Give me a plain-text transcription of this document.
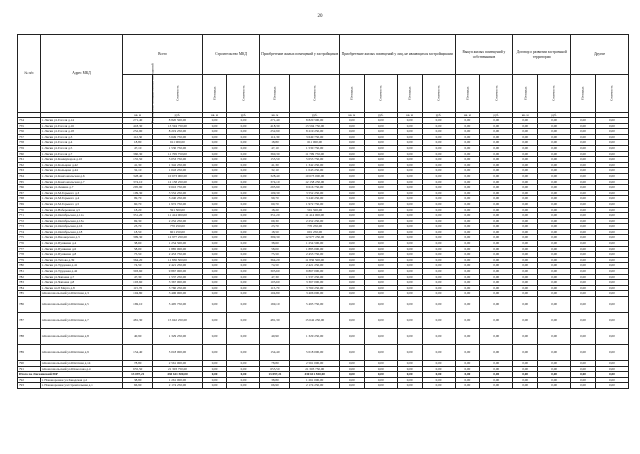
20
№ п/п	Адрес МКД	Всего		Строительство МКД		Приобретение жилых помещений у застройщиков		Приобретение жилых помещений у лиц, не являющихся застройщиками				Выкуп жилых помещений у собственников		Договор о развитии застроенной территории		Другие	
		Расселяемая площадь жилых помещений	Стоимость	Площадь	Стоимость	Площадь	Стоимость	Площадь	Стоимость	Площадь	Стоимость	Площадь	Стоимость	Площадь	Стоимость	Площадь	Стоимость
		кв. м	руб.	кв. м	руб.	кв. м	руб.	кв. м	руб.	кв. м	руб.	кв. м	руб.	кв. м	руб.		
754	г. Лиски ул.Гоголя д.14	271,40	8 820 500,00	0,00	0,00	271,40	8 820 500,00	0,00	0,00	0,00	0,00	0,00	0,00	0,00	0,00	0,00	0,00
755	г. Лиски ул.Гоголя д.16	418,30	13 594 750,00	0,00	0,00	418,30	13 594 750,00	0,00	0,00	0,00	0,00	0,00	0,00	0,00	0,00	0,00	0,00
756	г. Лиски ул.Гоголя д.18	252,90	8 219 250,00	0,00	0,00	252,90	8 219 250,00	0,00	0,00	0,00	0,00	0,00	0,00	0,00	0,00	0,00	0,00
757	г. Лиски ул.Гоголя д.3	112,30	3 649 750,00	0,00	0,00	112,30	3 649 750,00	0,00	0,00	0,00	0,00	0,00	0,00	0,00	0,00	0,00	0,00
758	г. Лиски ул.Гоголя д.4	18,80	611 000,00	0,00	0,00	18,80	611 000,00	0,00	0,00	0,00	0,00	0,00	0,00	0,00	0,00	0,00	0,00
759	г. Лиски ул.Гоголя д.5	47,10	1 530 750,00	0,00	0,00	47,10	1 530 750,00	0,00	0,00	0,00	0,00	0,00	0,00	0,00	0,00	0,00	0,00
760	г. Лиски ул.Гоголя д.7	360,30	11 709 750,00	0,00	0,00	360,30	11 709 750,00	0,00	0,00	0,00	0,00	0,00	0,00	0,00	0,00	0,00	0,00
761	г. Лиски ул.Коммунаров д.10	155,50	5 053 750,00	0,00	0,00	155,50	5 053 750,00	0,00	0,00	0,00	0,00	0,00	0,00	0,00	0,00	0,00	0,00
762	г. Лиски ул.Кольцова д.42	41,30	1 342 250,00	0,00	0,00	41,30	1 342 250,00	0,00	0,00	0,00	0,00	0,00	0,00	0,00	0,00	0,00	0,00
763	г. Лиски ул.Кольцова д.44	32,10	1 043 250,00	0,00	0,00	32,10	1 043 250,00	0,00	0,00	0,00	0,00	0,00	0,00	0,00	0,00	0,00	0,00
764	г. Лиски ул.Комсомольская д.6	328,40	10 673 000,00	0,00	0,00	328,40	10 673 000,00	0,00	0,00	0,00	0,00	0,00	0,00	0,00	0,00	0,00	0,00
765	г. Лиски ул.Комсомольская д.7	374,10	12 158 250,00	0,00	0,00	374,10	12 158 250,00	0,00	0,00	0,00	0,00	0,00	0,00	0,00	0,00	0,00	0,00
766	г. Лиски ул.Ленина д.7	295,90	9 616 750,00	0,00	0,00	295,90	9 616 750,00	0,00	0,00	0,00	0,00	0,00	0,00	0,00	0,00	0,00	0,00
767	г. Лиски ул.М.Горького д.3	109,30	3 552 250,00	0,00	0,00	109,30	3 552 250,00	0,00	0,00	0,00	0,00	0,00	0,00	0,00	0,00	0,00	0,00
768	г. Лиски ул.М.Горького д.4	99,70	3 240 250,00	0,00	0,00	99,70	3 240 250,00	0,00	0,00	0,00	0,00	0,00	0,00	0,00	0,00	0,00	0,00
769	г. Лиски ул.М.Горького д.5	60,70	1 972 750,00	0,00	0,00	60,70	1 972 750,00	0,00	0,00	0,00	0,00	0,00	0,00	0,00	0,00	0,00	0,00
770	г. Лиски ул.Набережная д.5	18,20	591 500,00	0,00	0,00	18,20	591 500,00	0,00	0,00	0,00	0,00	0,00	0,00	0,00	0,00	0,00	0,00
771	г. Лиски ул.Октябрьская д.11а	351,20	11 414 000,00	0,00	0,00	351,20	11 414 000,00	0,00	0,00	0,00	0,00	0,00	0,00	0,00	0,00	0,00	0,00
772	г. Лиски ул.Октябрьская д.13а	69,30	2 252 250,00	0,00	0,00	69,30	2 252 250,00	0,00	0,00	0,00	0,00	0,00	0,00	0,00	0,00	0,00	0,00
773	г. Лиски ул.Октябрьская д.16	23,70	770 250,00	0,00	0,00	23,70	770 250,00	0,00	0,00	0,00	0,00	0,00	0,00	0,00	0,00	0,00	0,00
774	г. Лиски ул.Октябрьская д.18	18,50	601 250,00	0,00	0,00	18,50	601 250,00	0,00	0,00	0,00	0,00	0,00	0,00	0,00	0,00	0,00	0,00
775	г. Лиски ул.Пионерская д.3	399,30	12 977 250,00	0,00	0,00	399,30	12 977 250,00	0,00	0,00	0,00	0,00	0,00	0,00	0,00	0,00	0,00	0,00
776	г. Лиски ул.Пушкина д.4	38,60	1 254 500,00	0,00	0,00	38,60	1 254 500,00	0,00	0,00	0,00	0,00	0,00	0,00	0,00	0,00	0,00	0,00
777	г. Лиски ул.Пушкина д.6	58,00	1 885 000,00	0,00	0,00	58,00	1 885 000,00	0,00	0,00	0,00	0,00	0,00	0,00	0,00	0,00	0,00	0,00
778	г. Лиски ул.Пушкина д.8	75,50	2 453 750,00	0,00	0,00	75,50	2 453 750,00	0,00	0,00	0,00	0,00	0,00	0,00	0,00	0,00	0,00	0,00
779	г. Лиски ул.Титова д.39	364,20	11 836 500,00	0,00	0,00	364,20	11 836 500,00	0,00	0,00	0,00	0,00	0,00	0,00	0,00	0,00	0,00	0,00
780	г. Лиски ул.Трудовая д.41	74,50	2 421 250,00	0,00	0,00	74,50	2 421 250,00	0,00	0,00	0,00	0,00	0,00	0,00	0,00	0,00	0,00	0,00
781	г. Лиски ул.Трудовая д.42	303,60	9 867 000,00	0,00	0,00	303,60	9 867 000,00	0,00	0,00	0,00	0,00	0,00	0,00	0,00	0,00	0,00	0,00
782	г. Лиски ул.Чапаева д.7	47,30	1 537 250,00	0,00	0,00	47,30	1 537 250,00	0,00	0,00	0,00	0,00	0,00	0,00	0,00	0,00	0,00	0,00
783	г. Лиски ул.Чапаева д.8	103,60	3 367 000,00	0,00	0,00	103,60	3 367 000,00	0,00	0,00	0,00	0,00	0,00	0,00	0,00	0,00	0,00	0,00
784	г. Лиски пл.8 Марта д.8	115,70	3 760 250,00	0,00	0,00	115,70	3 760 250,00	0,00	0,00	0,00	0,00	0,00	0,00	0,00	0,00	0,00	0,00
785	п.Комсомольский ул.Шахтная д.3	104,80	3 406 000,00	0,00	0,00	104,80	3 406 000,00	0,00	0,00	0,00	0,00	0,00	0,00	0,00	0,00	0,00	0,00
786	п.Комсомольский ул.Шахтная д.5	169,10	5 495 750,00	0,00	0,00	169,10	5 495 750,00	0,00	0,00	0,00	0,00	0,00	0,00	0,00	0,00	0,00	0,00
787	п.Комсомольский ул.Шахтная д.7	481,30	15 642 250,00	0,00	0,00	481,30	15 642 250,00	0,00	0,00	0,00	0,00	0,00	0,00	0,00	0,00	0,00	0,00
788	п.Комсомольский ул.Шахтная д.8	40,90	1 329 250,00	0,00	0,00	40,90	1 329 250,00	0,00	0,00	0,00	0,00	0,00	0,00	0,00	0,00	0,00	0,00
789	п.Комсомольский ул.Шахтная д.9	154,40	5 018 000,00	0,00	0,00	154,40	5 018 000,00	0,00	0,00	0,00	0,00	0,00	0,00	0,00	0,00	0,00	0,00
790	п.Комсомольский ул.Шахтная д.14	78,80	2 561 000,00	0,00	0,00	78,80	2 561 000,00	0,00	0,00	0,00	0,00	0,00	0,00	0,00	0,00	0,00	0,00
791	п.Комсомольский ул.Шоколова д.4	655,50	21 303 750,00	0,00	0,00	655,50	21 303 750,00	0,00	0,00	0,00	0,00	0,00	0,00	0,00	0,00	0,00	0,00
Итого по Лискинский МР		13 097,21	430 611 500,00	0,00	0,00	13 097,21	430 611 500,00	0,00	0,00	0,00	0,00	0,00	0,00	0,00	0,00	0,00	0,00
792	г. Нововоронеж ул.Заводская д.2	38,80	1 261 000,00	0,00	0,00	38,80	1 261 000,00	0,00	0,00	0,00	0,00	0,00	0,00	0,00	0,00	0,00	0,00
793	г. Нововоронеж ул.Строительная д.1	66,90	2 174 250,00	0,00	0,00	66,90	2 174 250,00	0,00	0,00	0,00	0,00	0,00	0,00	0,00	0,00	0,00	0,00
